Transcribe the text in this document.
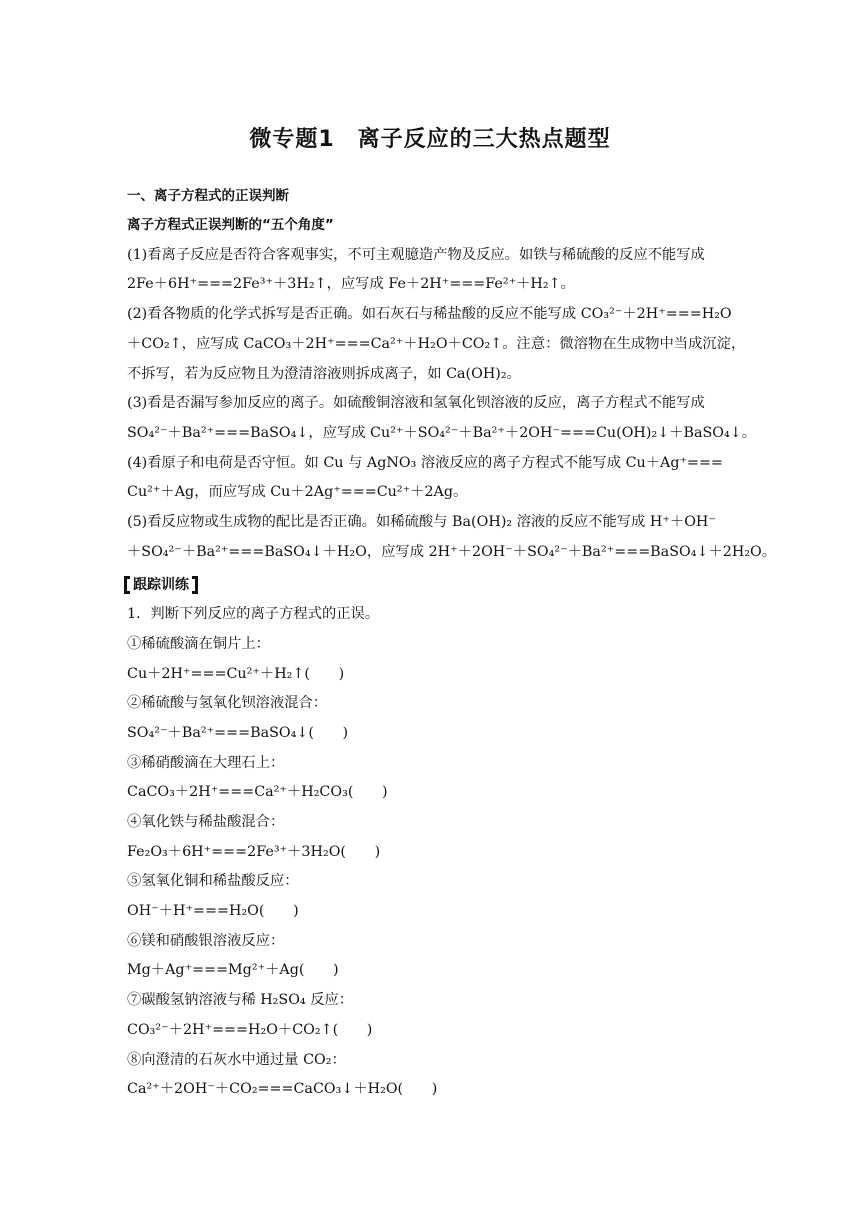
微专题1　离子反应的三大热点题型
一、离子方程式的正误判断
离子方程式正误判断的“五个角度”
(1)看离子反应是否符合客观事实，不可主观臆造产物及反应。如铁与稀硫酸的反应不能写成
2Fe＋6H⁺===2Fe³⁺＋3H₂↑，应写成 Fe＋2H⁺===Fe²⁺＋H₂↑。
(2)看各物质的化学式拆写是否正确。如石灰石与稀盐酸的反应不能写成 CO₃²⁻＋2H⁺===H₂O
＋CO₂↑，应写成 CaCO₃＋2H⁺===Ca²⁺＋H₂O＋CO₂↑。注意：微溶物在生成物中当成沉淀，
不拆写，若为反应物且为澄清溶液则拆成离子，如 Ca(OH)₂。
(3)看是否漏写参加反应的离子。如硫酸铜溶液和氢氧化钡溶液的反应，离子方程式不能写成
SO₄²⁻＋Ba²⁺===BaSO₄↓，应写成 Cu²⁺＋SO₄²⁻＋Ba²⁺＋2OH⁻===Cu(OH)₂↓＋BaSO₄↓。
(4)看原子和电荷是否守恒。如 Cu 与 AgNO₃ 溶液反应的离子方程式不能写成 Cu＋Ag⁺===
Cu²⁺＋Ag，而应写成 Cu＋2Ag⁺===Cu²⁺＋2Ag。
(5)看反应物或生成物的配比是否正确。如稀硫酸与 Ba(OH)₂ 溶液的反应不能写成 H⁺＋OH⁻
＋SO₄²⁻＋Ba²⁺===BaSO₄↓＋H₂O，应写成 2H⁺＋2OH⁻＋SO₄²⁻＋Ba²⁺===BaSO₄↓＋2H₂O。
跟踪训练
1．判断下列反应的离子方程式的正误。
①稀硫酸滴在铜片上：
Cu＋2H⁺===Cu²⁺＋H₂↑(　　)
②稀硫酸与氢氧化钡溶液混合：
SO₄²⁻＋Ba²⁺===BaSO₄↓(　　)
③稀硝酸滴在大理石上：
CaCO₃＋2H⁺===Ca²⁺＋H₂CO₃(　　)
④氧化铁与稀盐酸混合：
Fe₂O₃＋6H⁺===2Fe³⁺＋3H₂O(　　)
⑤氢氧化铜和稀盐酸反应：
OH⁻＋H⁺===H₂O(　　)
⑥镁和硝酸银溶液反应：
Mg＋Ag⁺===Mg²⁺＋Ag(　　)
⑦碳酸氢钠溶液与稀 H₂SO₄ 反应：
CO₃²⁻＋2H⁺===H₂O＋CO₂↑(　　)
⑧向澄清的石灰水中通过量 CO₂：
Ca²⁺＋2OH⁻＋CO₂===CaCO₃↓＋H₂O(　　)
